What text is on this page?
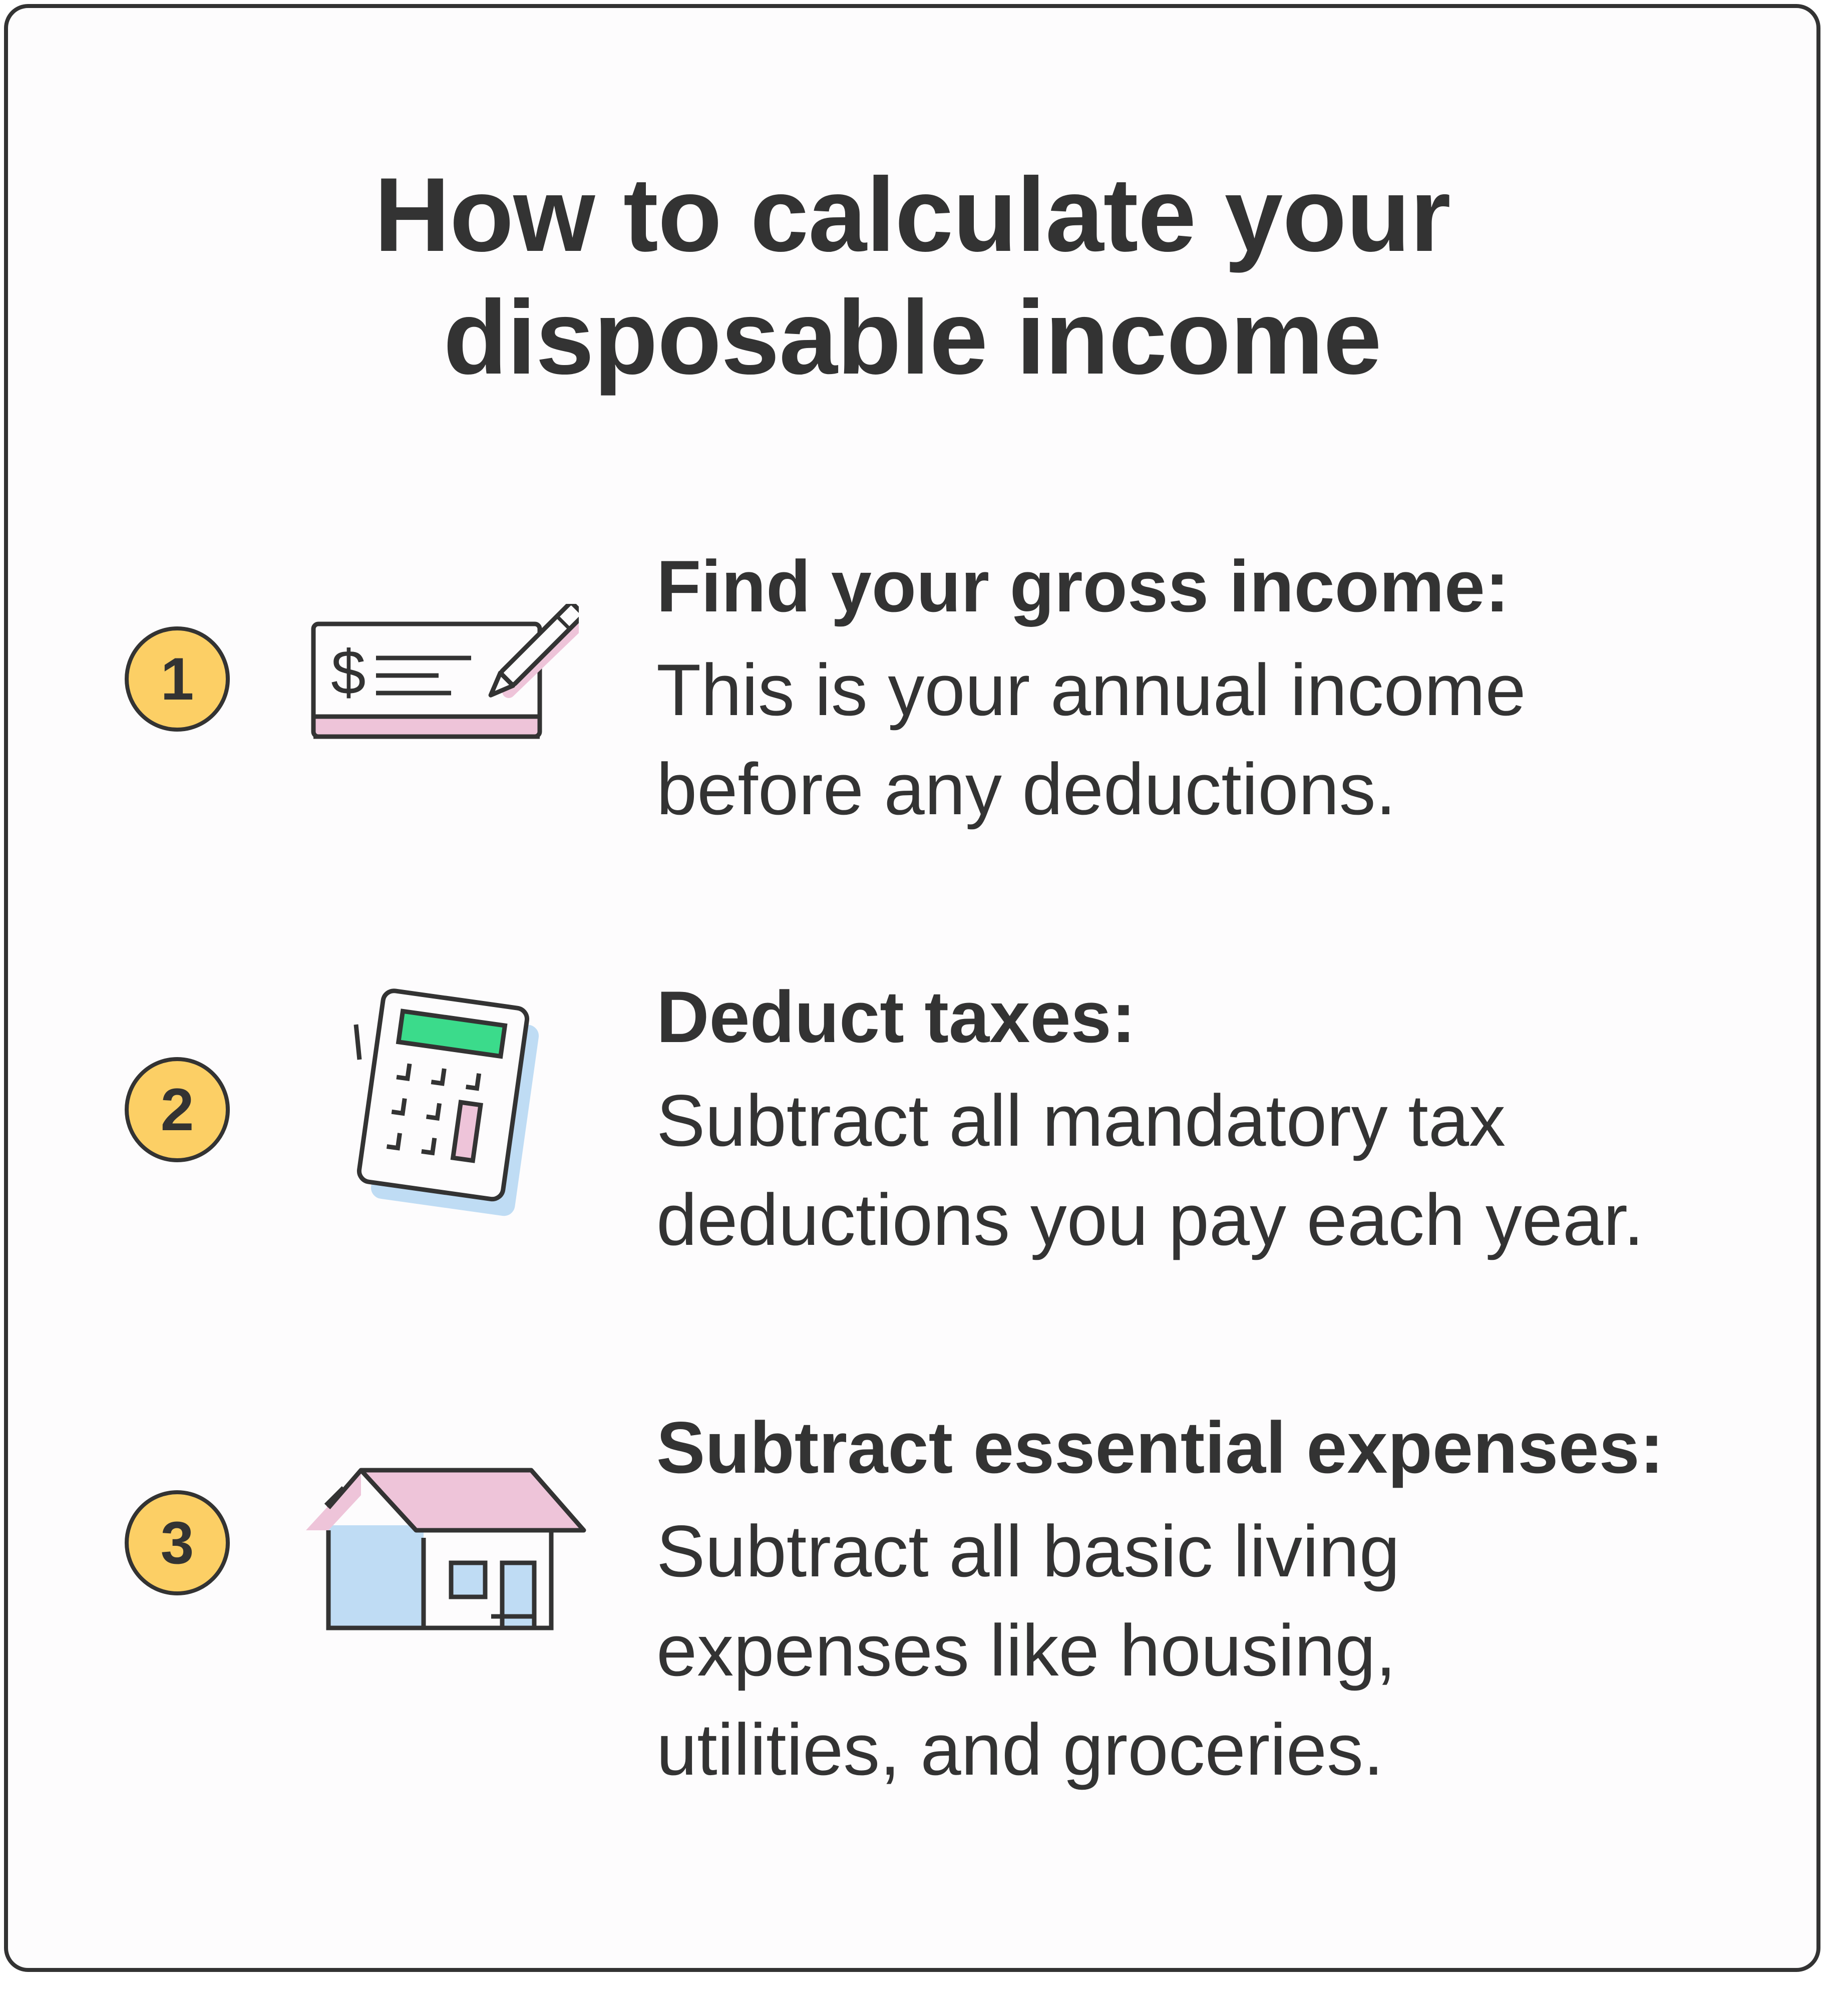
How to calculate your
disposable income
1	$
Find your gross income:
This is your annual income
before any deductions.
2
Deduct taxes:
Subtract all mandatory tax
deductions you pay each year.
3
Subtract essential expenses:
Subtract all basic living
expenses like housing,
utilities, and groceries.
